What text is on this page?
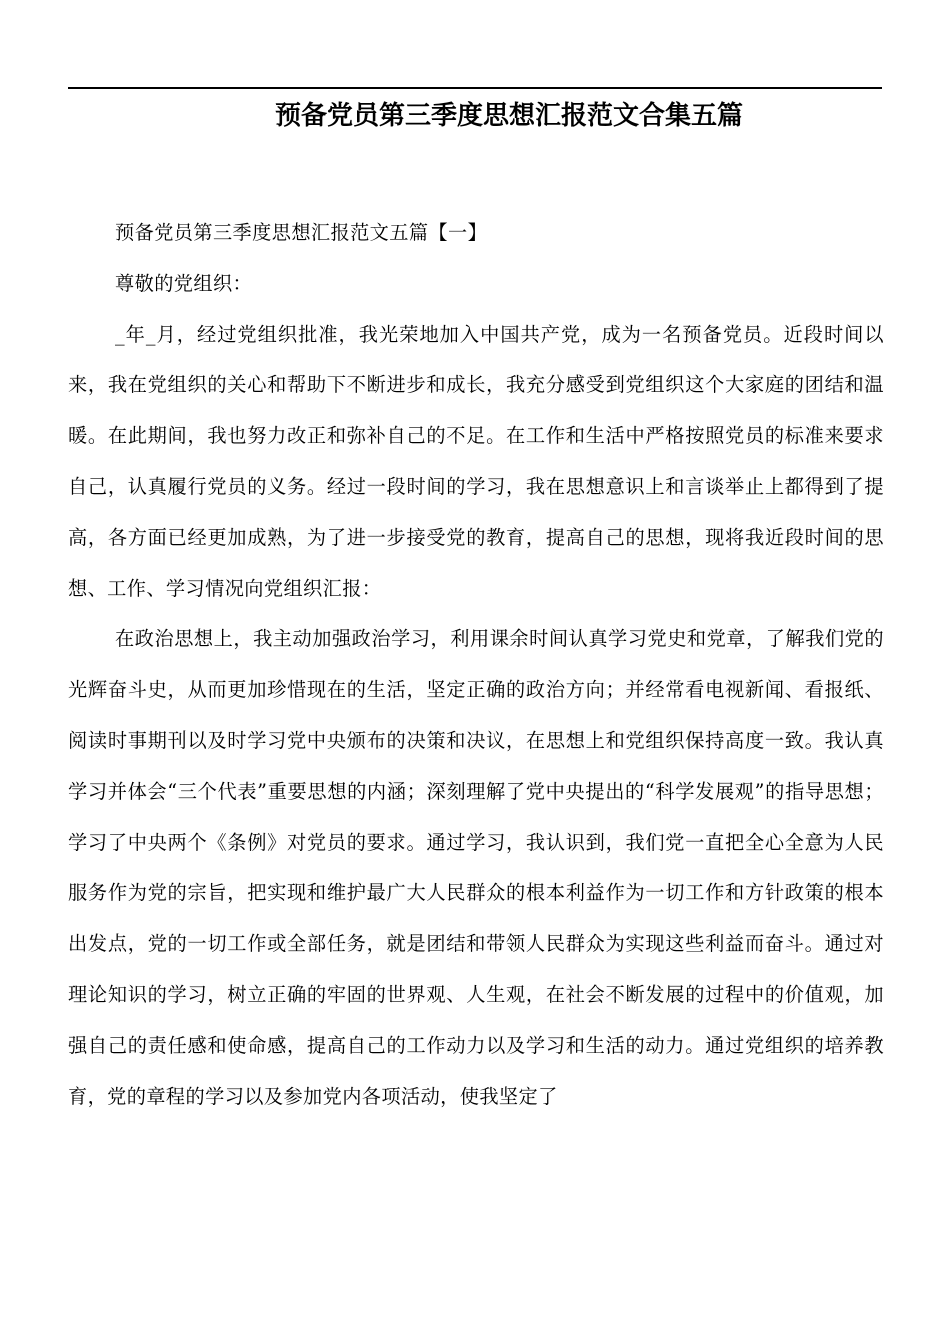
预备党员第三季度思想汇报范文合集五篇

预备党员第三季度思想汇报范文五篇【一】

尊敬的党组织：

_年_月，经过党组织批准，我光荣地加入中国共产党，成为一名预备党员。近段时间以来，我在党组织的关心和帮助下不断进步和成长，我充分感受到党组织这个大家庭的团结和温暖。在此期间，我也努力改正和弥补自己的不足。在工作和生活中严格按照党员的标准来要求自己，认真履行党员的义务。经过一段时间的学习，我在思想意识上和言谈举止上都得到了提高，各方面已经更加成熟，为了进一步接受党的教育，提高自己的思想，现将我近段时间的思想、工作、学习情况向党组织汇报：

在政治思想上，我主动加强政治学习，利用课余时间认真学习党史和党章，了解我们党的光辉奋斗史，从而更加珍惜现在的生活，坚定正确的政治方向；并经常看电视新闻、看报纸、阅读时事期刊以及时学习党中央颁布的决策和决议，在思想上和党组织保持高度一致。我认真学习并体会“三个代表”重要思想的内涵；深刻理解了党中央提出的“科学发展观”的指导思想；学习了中央两个《条例》对党员的要求。通过学习，我认识到，我们党一直把全心全意为人民服务作为党的宗旨，把实现和维护最广大人民群众的根本利益作为一切工作和方针政策的根本出发点，党的一切工作或全部任务，就是团结和带领人民群众为实现这些利益而奋斗。通过对理论知识的学习，树立正确的牢固的世界观、人生观，在社会不断发展的过程中的价值观，加强自己的责任感和使命感，提高自己的工作动力以及学习和生活的动力。通过党组织的培养教育，党的章程的学习以及参加党内各项活动，使我坚定了
